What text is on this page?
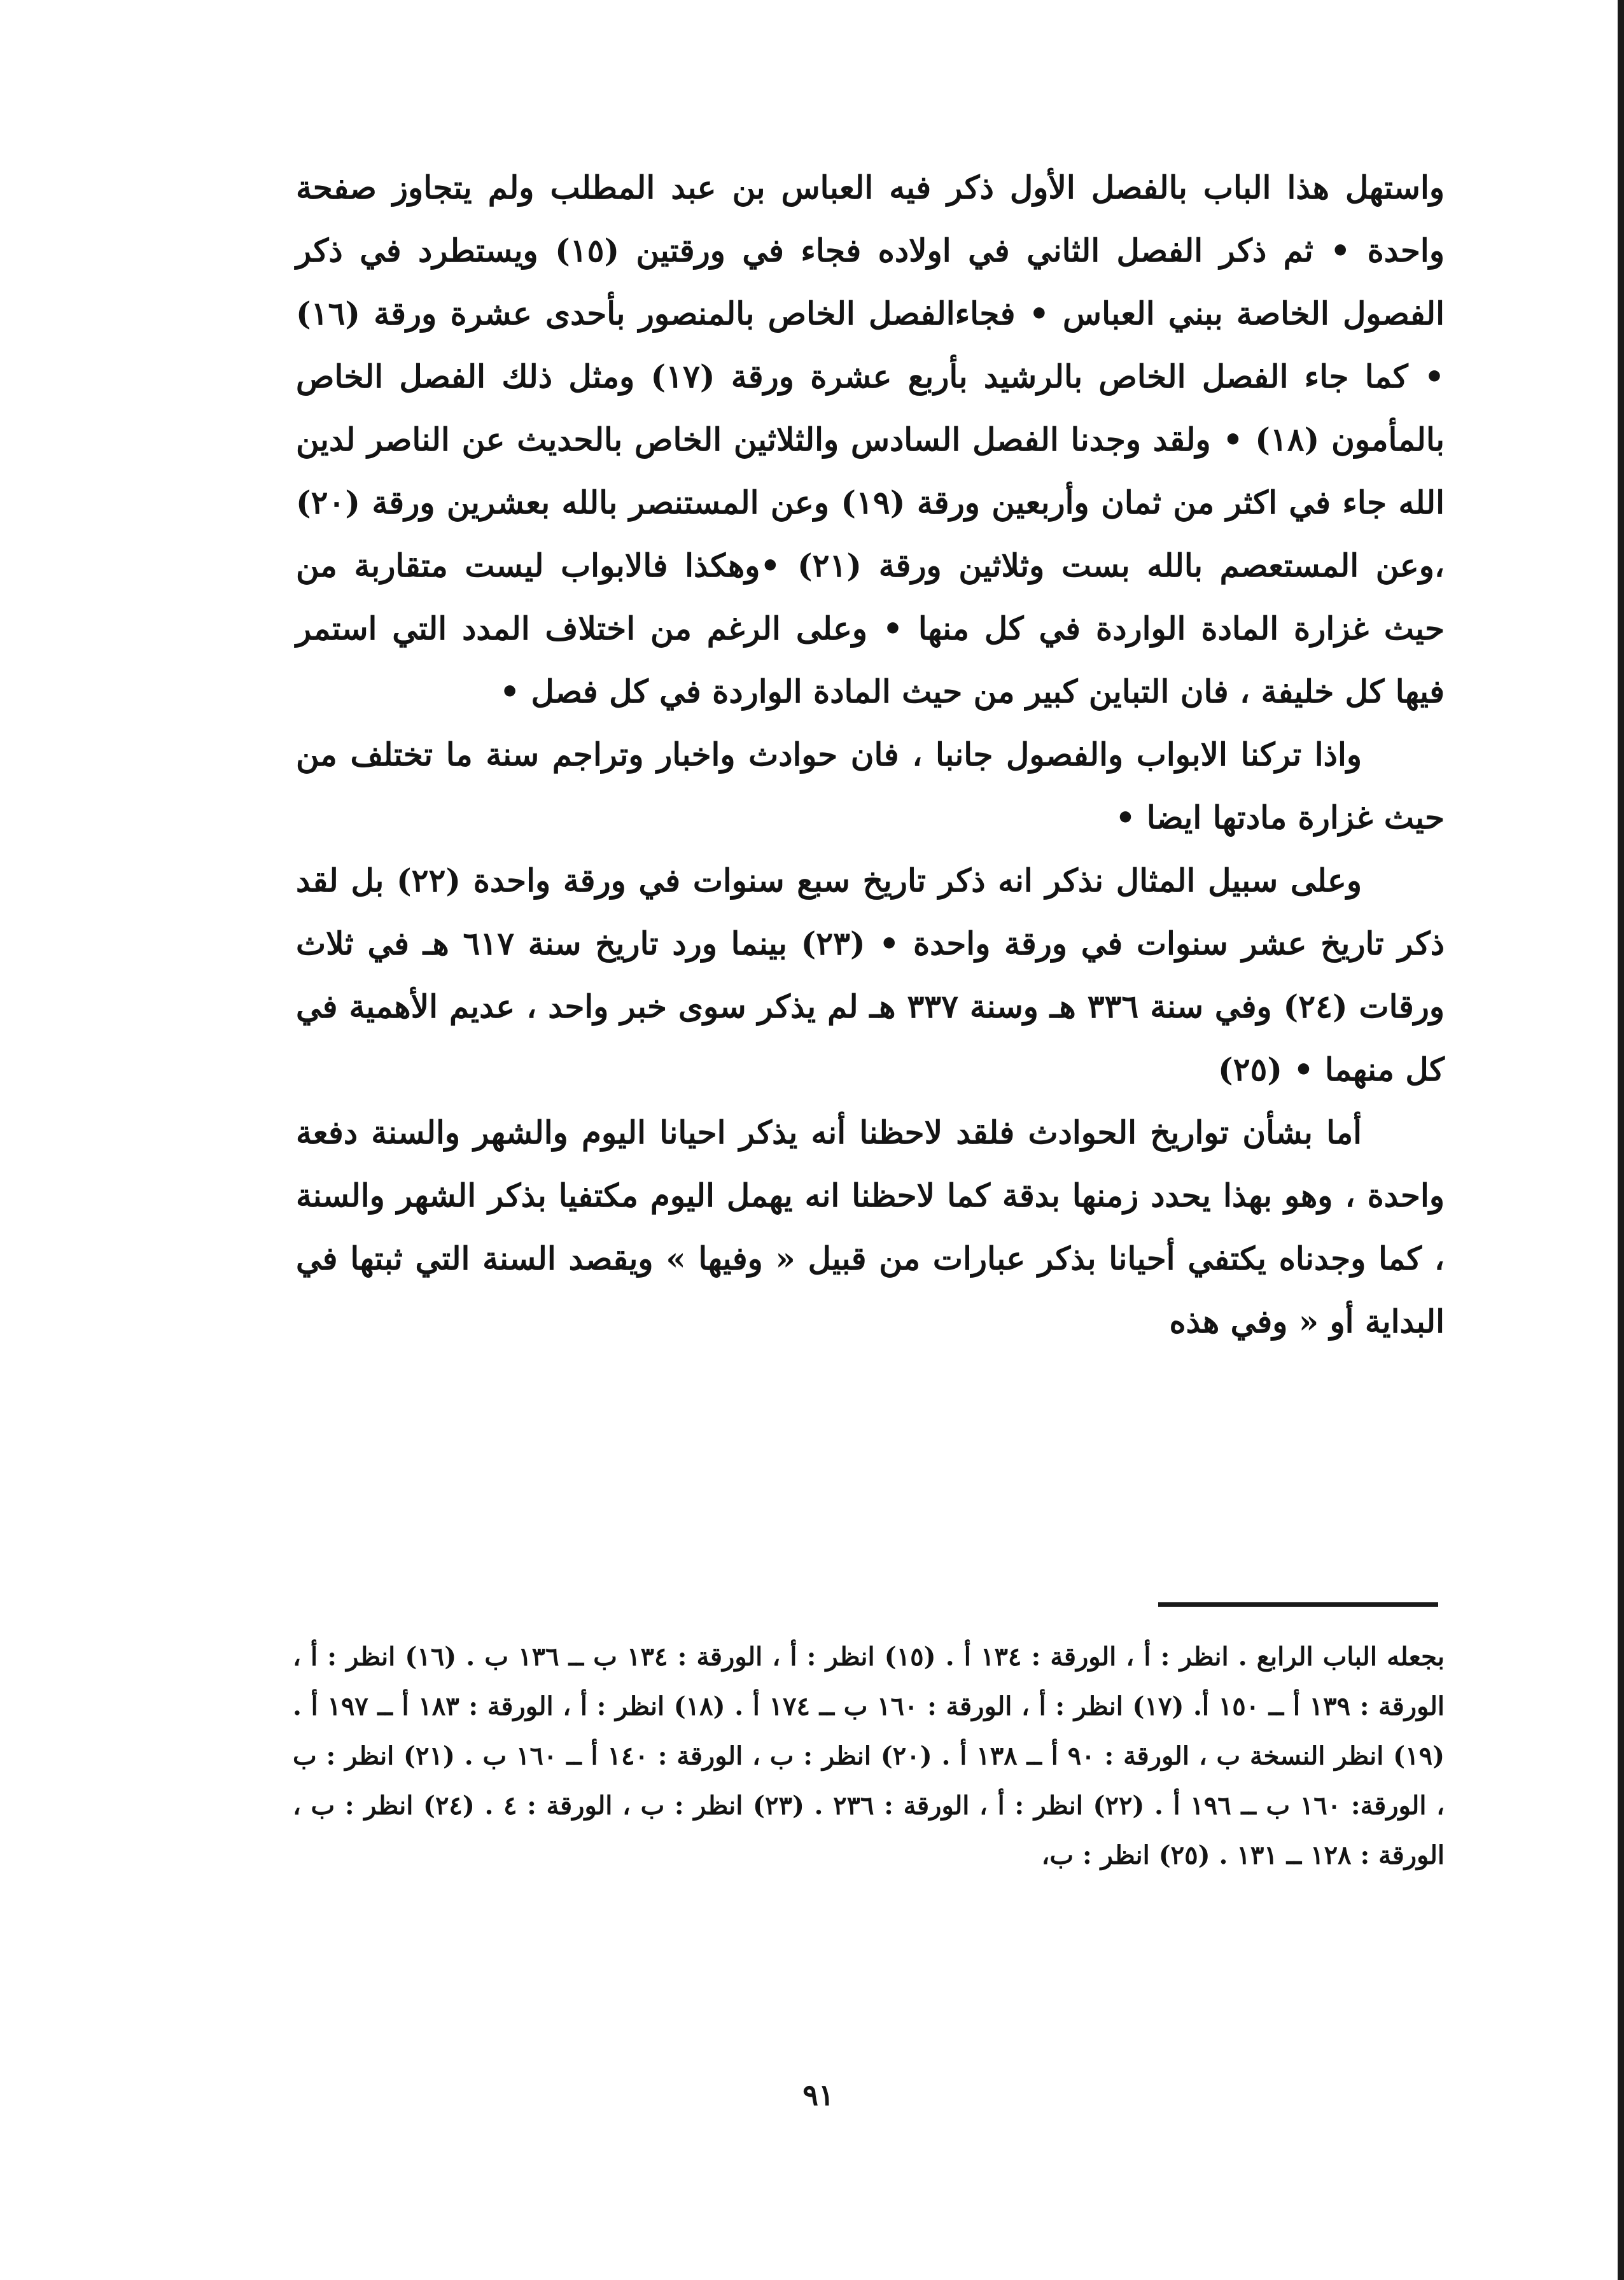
واستهل هذا الباب بالفصل الأول ذكر فيه العباس بن عبد المطلب ولم يتجاوز صفحة واحدة • ثم ذكر الفصل الثاني في اولاده فجاء في ورقتين (١٥) ويستطرد في ذكر الفصول الخاصة ببني العباس • فجاءالفصل الخاص بالمنصور بأحدى عشرة ورقة (١٦) • كما جاء الفصل الخاص بالرشيد بأربع عشرة ورقة (١٧) ومثل ذلك الفصل الخاص بالمأمون (١٨) • ولقد وجدنا الفصل السادس والثلاثين الخاص بالحديث عن الناصر لدين الله جاء في اكثر من ثمان وأربعين ورقة (١٩) وعن المستنصر بالله بعشرين ورقة (٢٠) ،وعن المستعصم بالله بست وثلاثين ورقة (٢١) •وهكذا فالابواب ليست متقاربة من حيث غزارة المادة الواردة في كل منها • وعلى الرغم من اختلاف المدد التي استمر فيها كل خليفة ، فان التباين كبير من حيث المادة الواردة في كل فصل •

واذا تركنا الابواب والفصول جانبا ، فان حوادث واخبار وتراجم سنة ما تختلف من حيث غزارة مادتها ايضا •

وعلى سبيل المثال نذكر انه ذكر تاريخ سبع سنوات في ورقة واحدة (٢٢) بل لقد ذكر تاريخ عشر سنوات في ورقة واحدة • (٢٣) بينما ورد تاريخ سنة ٦١٧ هـ في ثلاث ورقات (٢٤) وفي سنة ٣٣٦ هـ وسنة ٣٣٧ هـ لم يذكر سوى خبر واحد ، عديم الأهمية في كل منهما • (٢٥)

أما بشأن تواريخ الحوادث فلقد لاحظنا أنه يذكر احيانا اليوم والشهر والسنة دفعة واحدة ، وهو بهذا يحدد زمنها بدقة كما لاحظنا انه يهمل اليوم مكتفيا بذكر الشهر والسنة ، كما وجدناه يكتفي أحيانا بذكر عبارات من قبيل « وفيها » ويقصد السنة التي ثبتها في البداية أو « وفي هذه

بجعله الباب الرابع . انظر : أ ، الورقة : ١٣٤ أ . (١٥) انظر : أ ، الورقة : ١٣٤ ب ــ ١٣٦ ب . (١٦) انظر : أ ، الورقة : ١٣٩ أ ــ ١٥٠ أ. (١٧) انظر : أ ، الورقة : ١٦٠ ب ــ ١٧٤ أ . (١٨) انظر : أ ، الورقة : ١٨٣ أ ــ ١٩٧ أ . (١٩) انظر النسخة ب ، الورقة : ٩٠ أ ــ ١٣٨ أ . (٢٠) انظر : ب ، الورقة : ١٤٠ أ ــ ١٦٠ ب . (٢١) انظر : ب ، الورقة: ١٦٠ ب ــ ١٩٦ أ . (٢٢) انظر : أ ، الورقة : ٢٣٦ . (٢٣) انظر : ب ، الورقة : ٤ . (٢٤) انظر : ب ، الورقة : ١٢٨ ــ ١٣١ . (٢٥) انظر : ب،
٩١
